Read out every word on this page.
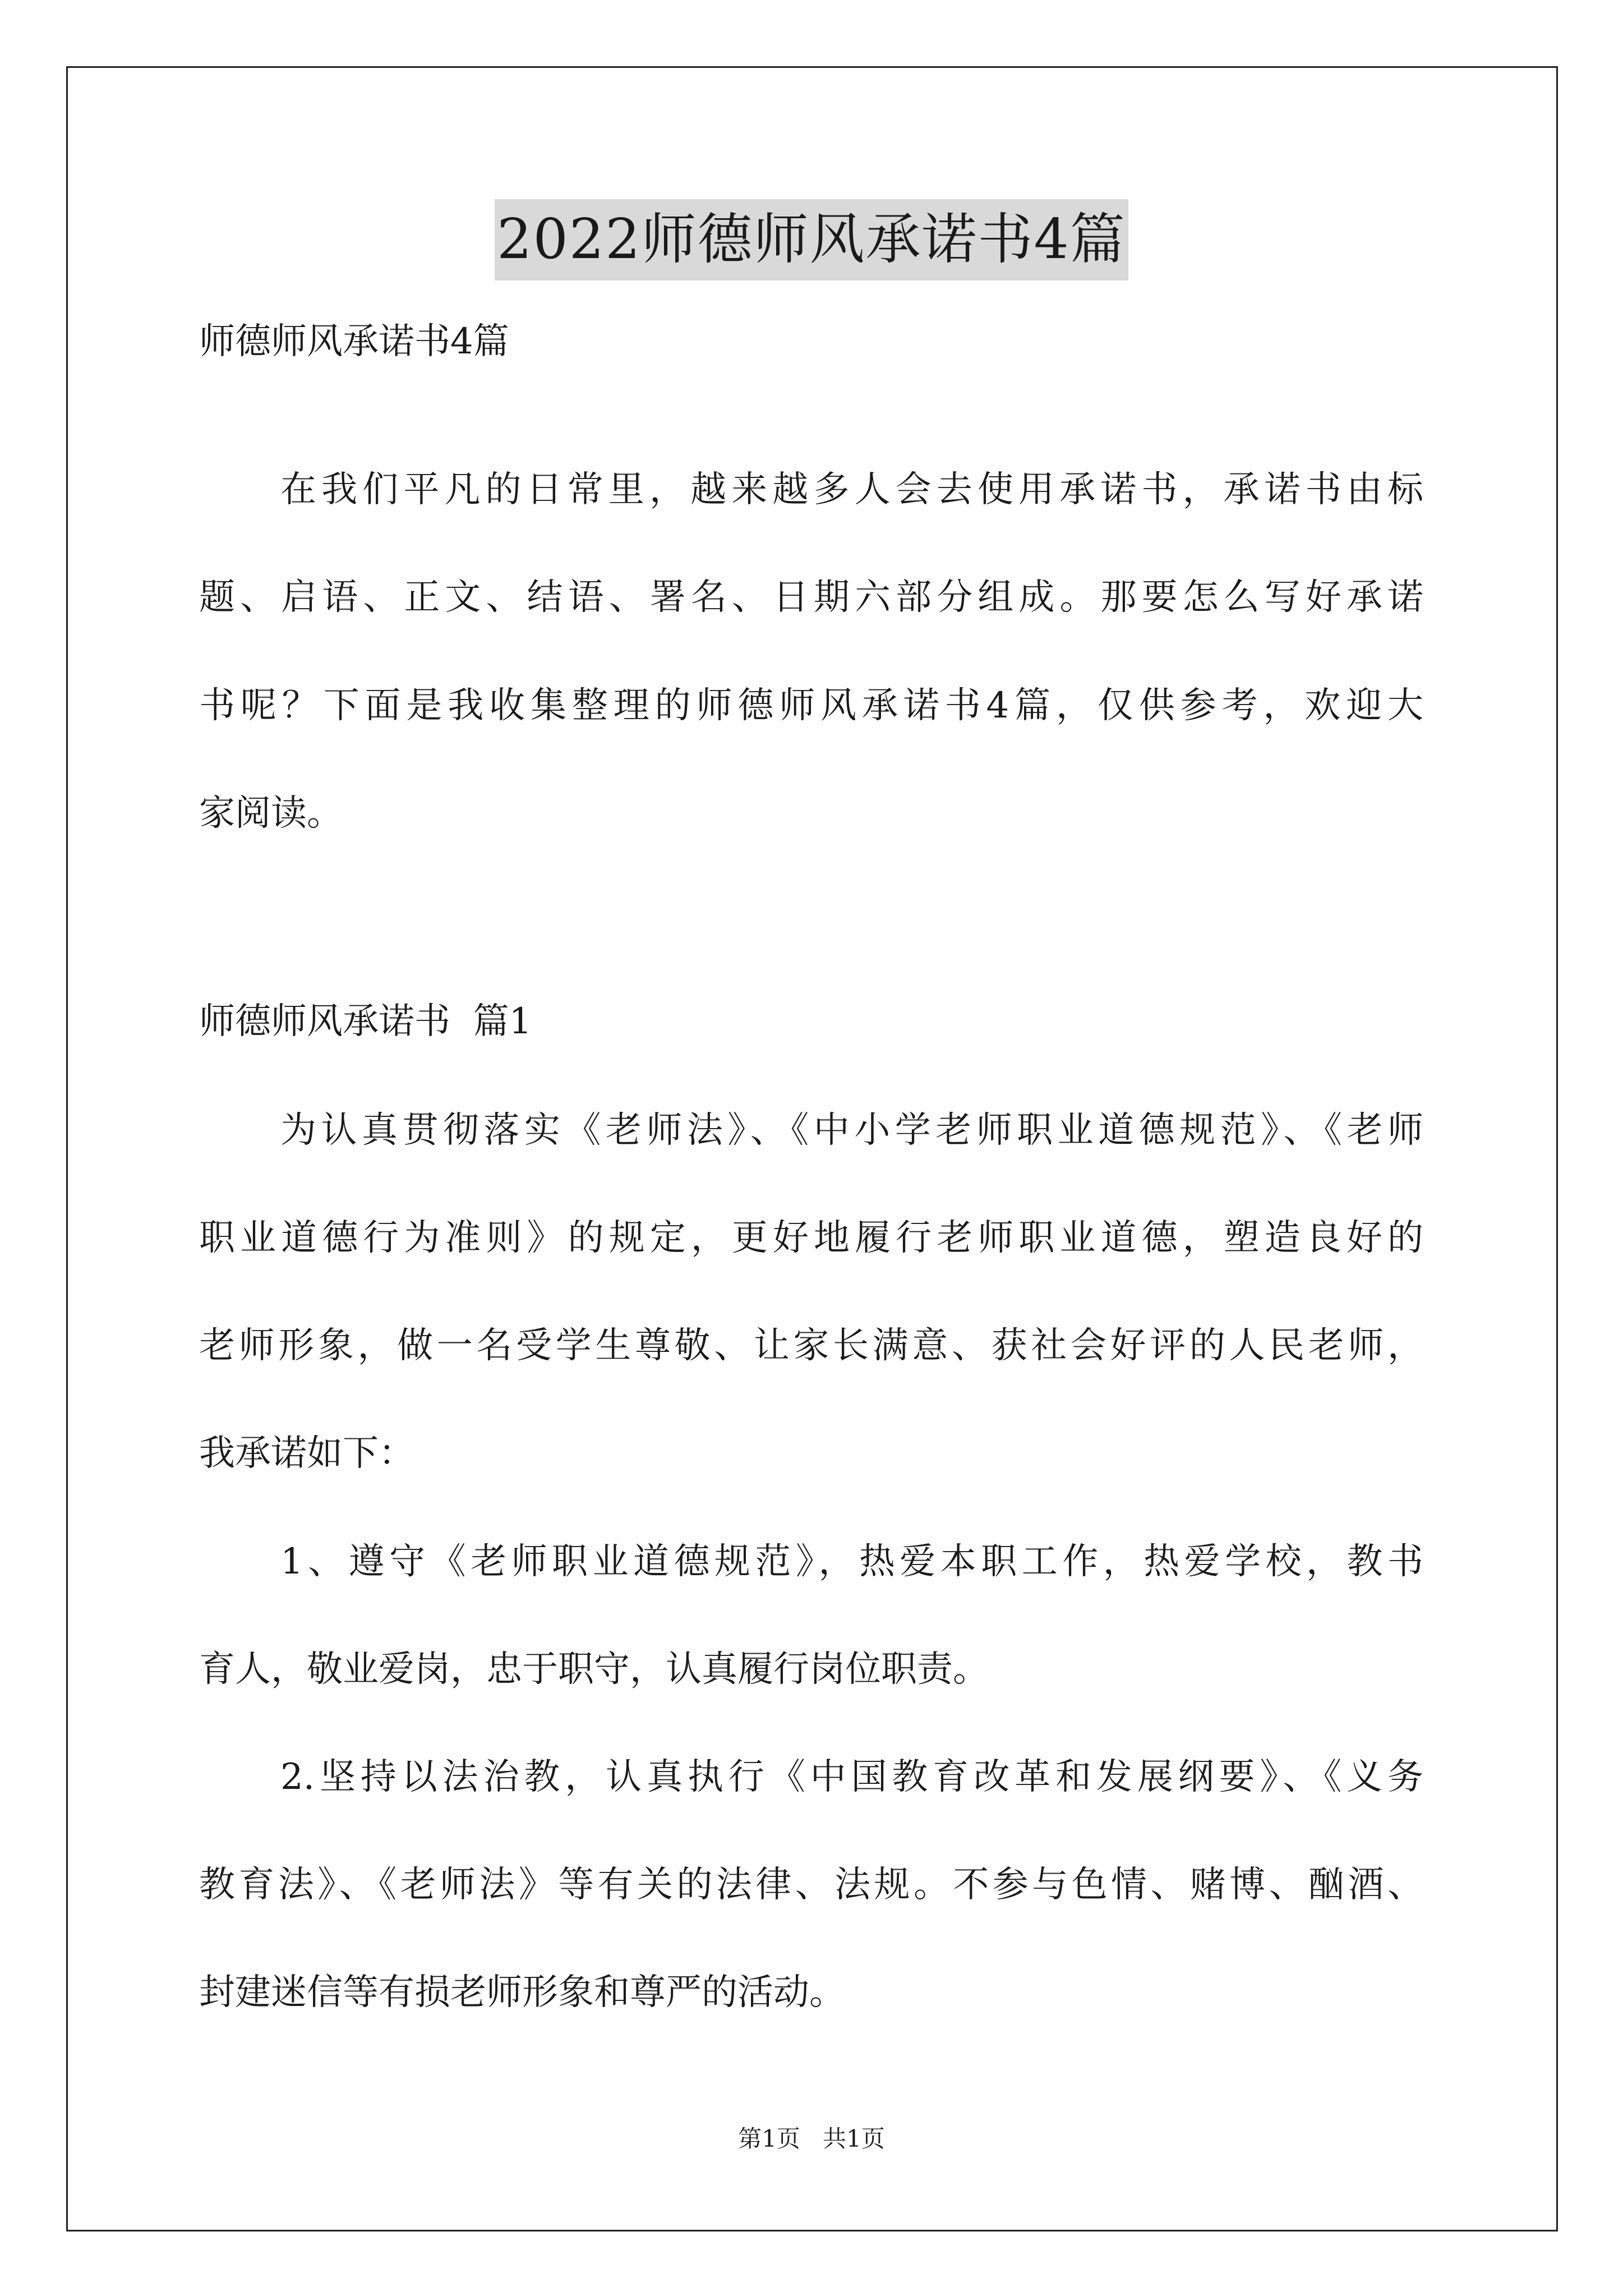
2022师德师风承诺书4篇
师德师风承诺书4篇
在我们平凡的日常里，越来越多人会去使用承诺书，承诺书由标
题、启语、正文、结语、署名、日期六部分组成。那要怎么写好承诺
书呢？下面是我收集整理的师德师风承诺书4篇，仅供参考，欢迎大
家阅读。
师德师风承诺书  篇1
为认真贯彻落实《老师法》、《中小学老师职业道德规范》、《老师
职业道德行为准则》的规定，更好地履行老师职业道德，塑造良好的
老师形象，做一名受学生尊敬、让家长满意、获社会好评的人民老师，
我承诺如下：
1、遵守《老师职业道德规范》，热爱本职工作，热爱学校，教书
育人，敬业爱岗，忠于职守，认真履行岗位职责。
2.坚持以法治教，认真执行《中国教育改革和发展纲要》、《义务
教育法》、《老师法》等有关的法律、法规。不参与色情、赌博、酗酒、
封建迷信等有损老师形象和尊严的活动。
第1页   共1页
